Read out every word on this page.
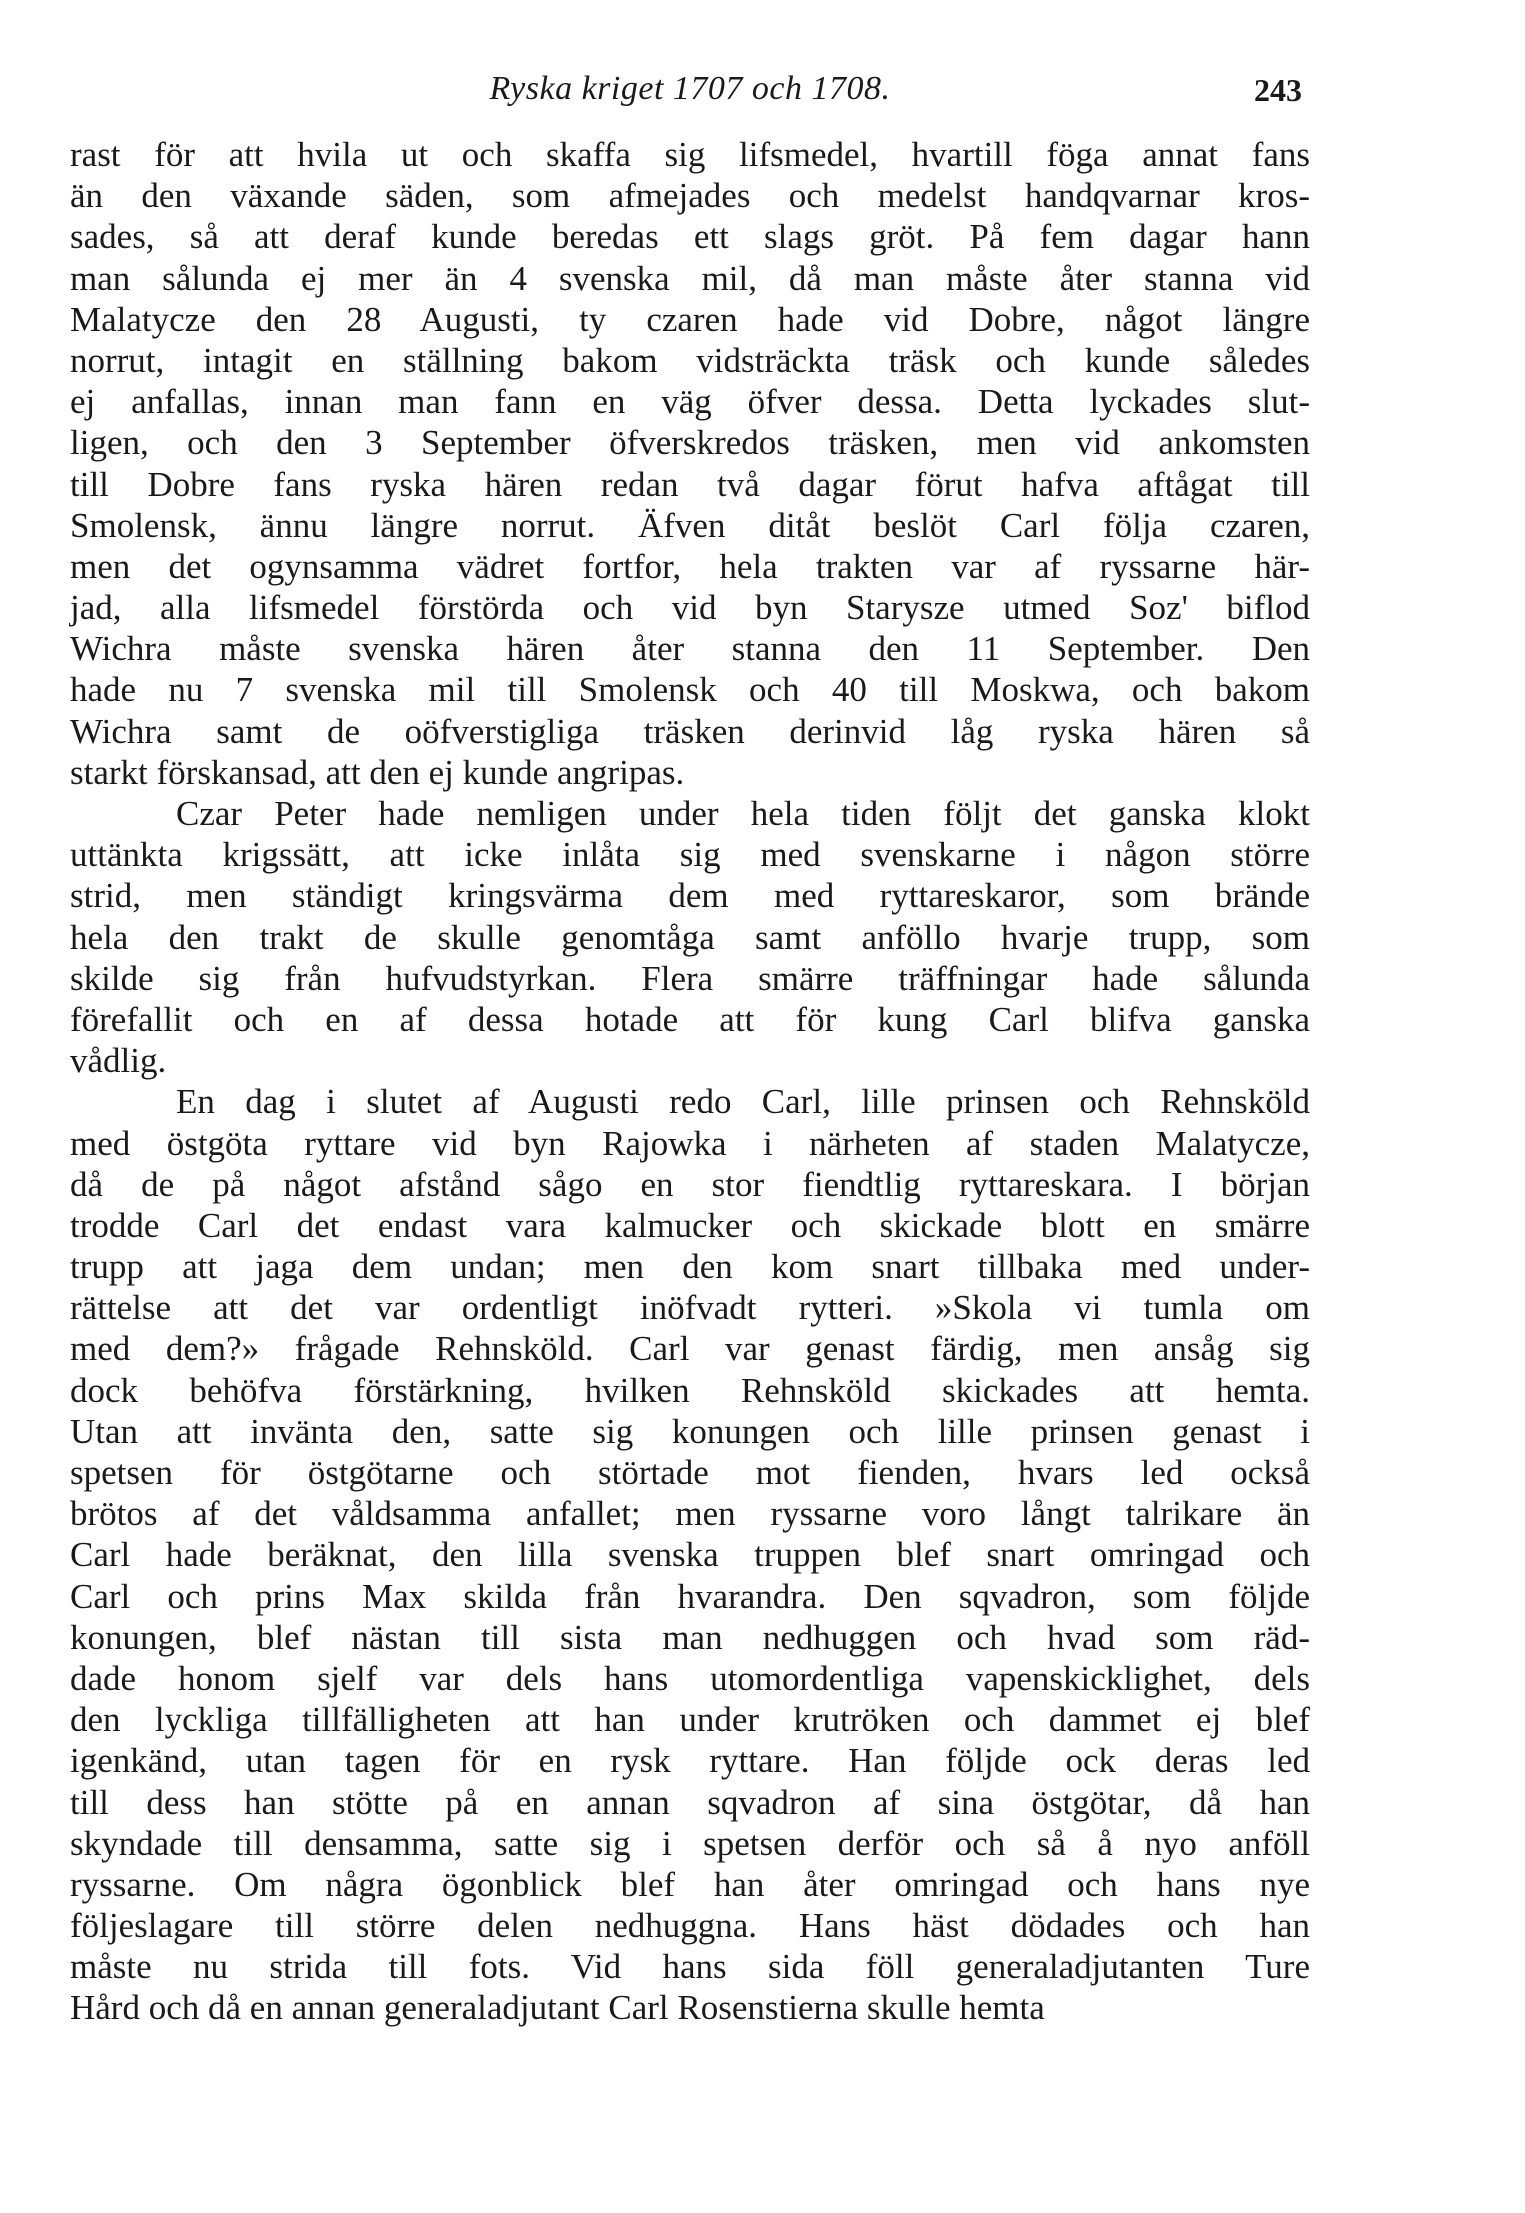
Ryska kriget 1707 och 1708.	243
rast för att hvila ut och skaffa sig lifsmedel, hvartill föga annat fans
än den växande säden, som afmejades och medelst handqvarnar kros-
sades, så att deraf kunde beredas ett slags gröt. På fem dagar hann
man sålunda ej mer än 4 svenska mil, då man måste åter stanna vid
Malatycze den 28 Augusti, ty czaren hade vid Dobre, något längre
norrut, intagit en ställning bakom vidsträckta träsk och kunde således
ej anfallas, innan man fann en väg öfver dessa. Detta lyckades slut-
ligen, och den 3 September öfverskredos träsken, men vid ankomsten
till Dobre fans ryska hären redan två dagar förut hafva aftågat till
Smolensk, ännu längre norrut. Äfven ditåt beslöt Carl följa czaren,
men det ogynsamma vädret fortfor, hela trakten var af ryssarne här-
jad, alla lifsmedel förstörda och vid byn Starysze utmed Soz' biflod
Wichra måste svenska hären åter stanna den 11 September. Den
hade nu 7 svenska mil till Smolensk och 40 till Moskwa, och bakom
Wichra samt de oöfverstigliga träsken derinvid låg ryska hären så
starkt förskansad, att den ej kunde angripas.
Czar Peter hade nemligen under hela tiden följt det ganska klokt
uttänkta krigssätt, att icke inlåta sig med svenskarne i någon större
strid, men ständigt kringsvärma dem med ryttareskaror, som brände
hela den trakt de skulle genomtåga samt anföllo hvarje trupp, som
skilde sig från hufvudstyrkan. Flera smärre träffningar hade sålunda
förefallit och en af dessa hotade att för kung Carl blifva ganska
vådlig.
En dag i slutet af Augusti redo Carl, lille prinsen och Rehnsköld
med östgöta ryttare vid byn Rajowka i närheten af staden Malatycze,
då de på något afstånd sågo en stor fiendtlig ryttareskara. I början
trodde Carl det endast vara kalmucker och skickade blott en smärre
trupp att jaga dem undan; men den kom snart tillbaka med under-
rättelse att det var ordentligt inöfvadt rytteri. »Skola vi tumla om
med dem?» frågade Rehnsköld. Carl var genast färdig, men ansåg sig
dock behöfva förstärkning, hvilken Rehnsköld skickades att hemta.
Utan att invänta den, satte sig konungen och lille prinsen genast i
spetsen för östgötarne och störtade mot fienden, hvars led också
brötos af det våldsamma anfallet; men ryssarne voro långt talrikare än
Carl hade beräknat, den lilla svenska truppen blef snart omringad och
Carl och prins Max skilda från hvarandra. Den sqvadron, som följde
konungen, blef nästan till sista man nedhuggen och hvad som räd-
dade honom sjelf var dels hans utomordentliga vapenskicklighet, dels
den lyckliga tillfälligheten att han under krutröken och dammet ej blef
igenkänd, utan tagen för en rysk ryttare. Han följde ock deras led
till dess han stötte på en annan sqvadron af sina östgötar, då han
skyndade till densamma, satte sig i spetsen derför och så å nyo anföll
ryssarne. Om några ögonblick blef han åter omringad och hans nye
följeslagare till större delen nedhuggna. Hans häst dödades och han
måste nu strida till fots. Vid hans sida föll generaladjutanten Ture
Hård och då en annan generaladjutant Carl Rosenstierna skulle hemta
